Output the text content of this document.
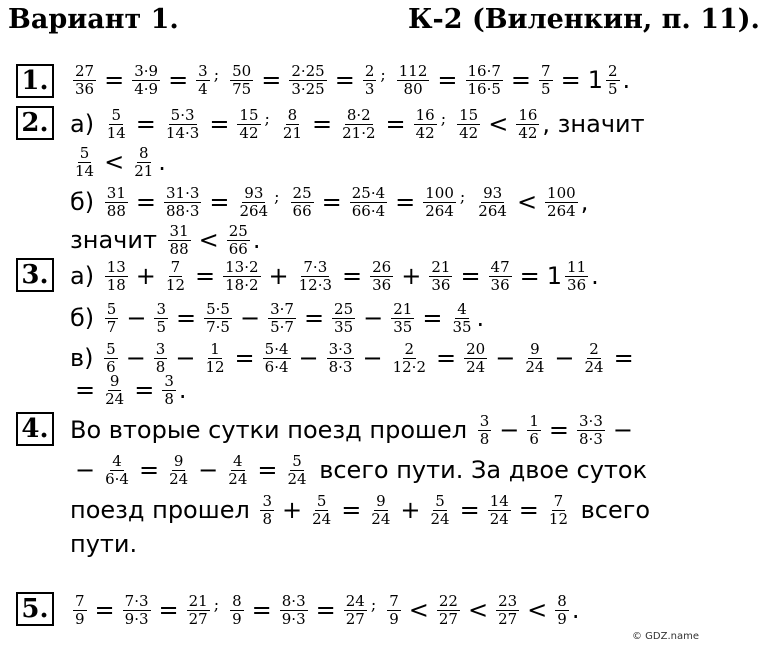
Вариант 1.	К-2 (Виленкин, п. 11).
1.
2.
3.
4.
5.
$\frac{27}{36} = \frac{3\cdot 9}{4\cdot 9} = \frac{3}{4}$ ; $\frac{50}{75} = \frac{2\cdot 25}{3\cdot 25} = \frac{2}{3}$ ; $\frac{112}{80} = \frac{16\cdot 7}{16\cdot 5} = \frac{7}{5} = 1 \frac{2}{5}$ .
$а) \frac{5}{14} = \frac{5\cdot 3}{14\cdot 3} = \frac{15}{42}$ ; $\frac{8}{21} = \frac{8\cdot 2}{21\cdot 2} = \frac{16}{42}$ ; $\frac{15}{42} < \frac{16}{42}$ , значит
$\frac{5}{14} < \frac{8}{21}$ .
$б) \frac{31}{88} = \frac{31\cdot 3}{88\cdot 3} = \frac{93}{264}$ ; $\frac{25}{66} = \frac{25\cdot 4}{66\cdot 4} = \frac{100}{264}$ ; $\frac{93}{264} < \frac{100}{264}$ ,
значит $\frac{31}{88} < \frac{25}{66}$ .
$а) \frac{13}{18} + \frac{7}{12} = \frac{13\cdot 2}{18\cdot 2} + \frac{7\cdot 3}{12\cdot 3} = \frac{26}{36} + \frac{21}{36} = \frac{47}{36} = 1 \frac{11}{36}$ .
$б) \frac{5}{7} - \frac{3}{5} = \frac{5\cdot 5}{7\cdot 5} - \frac{3\cdot 7}{5\cdot 7} = \frac{25}{35} - \frac{21}{35} = \frac{4}{35}$ .
$в) \frac{5}{6} - \frac{3}{8} - \frac{1}{12} = \frac{5\cdot 4}{6\cdot 4} - \frac{3\cdot 3}{8\cdot 3} - \frac{2}{12\cdot 2} = \frac{20}{24} - \frac{9}{24} - \frac{2}{24}$ =
= $\frac{9}{24} = \frac{3}{8}$ .
Во вторые сутки поезд прошел $\frac{3}{8} - \frac{1}{6} = \frac{3\cdot 3}{8\cdot 3}$ −
− $\frac{4}{6\cdot 4} = \frac{9}{24} - \frac{4}{24} = \frac{5}{24}$ всего пути. За двое суток
поезд прошел $\frac{3}{8} + \frac{5}{24} = \frac{9}{24} + \frac{5}{24} = \frac{14}{24} = \frac{7}{12}$ всего
пути.
$\frac{7}{9} = \frac{7\cdot 3}{9\cdot 3} = \frac{21}{27}$ ; $\frac{8}{9} = \frac{8\cdot 3}{9\cdot 3} = \frac{24}{27}$ ; $\frac{7}{9} < \frac{22}{27} < \frac{23}{27} < \frac{8}{9}$ .
© GDZ.name
